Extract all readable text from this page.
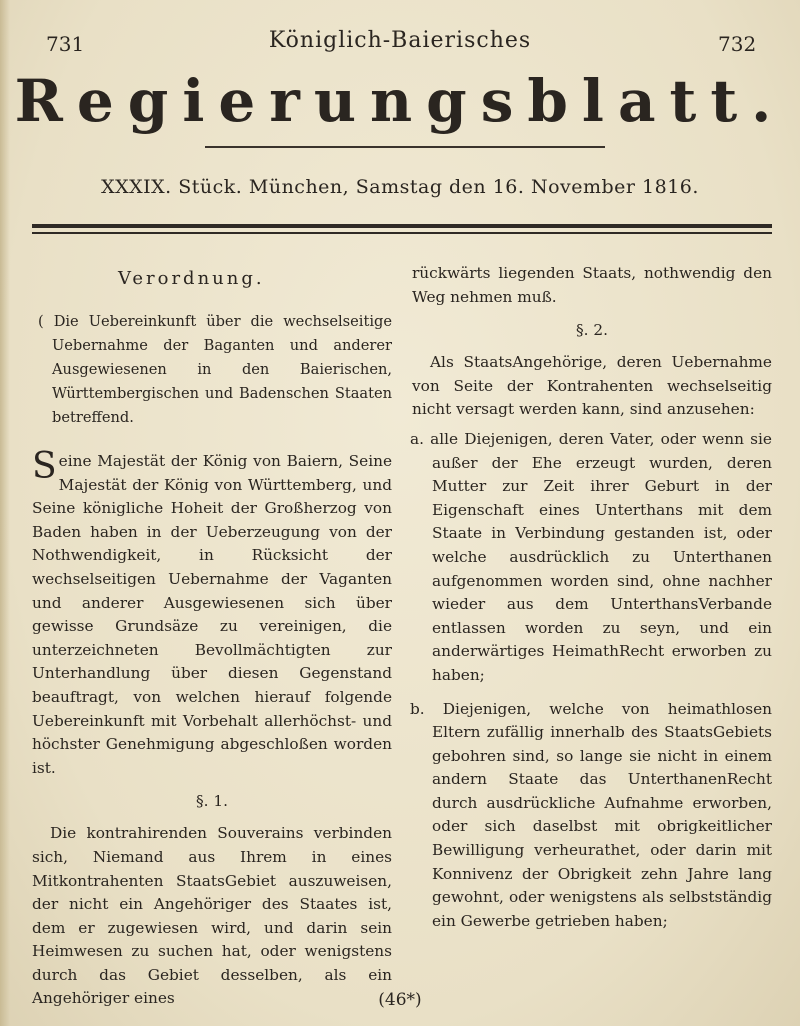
731	Königlich-Baierisches	732
Regierungsblatt.
XXXIX. Stück. München, Samstag den 16. November 1816.

Verordnung.

( Die Uebereinkunft über die wechselseitige Uebernahme der Baganten und anderer Ausgewiesenen in den Baierischen, Württembergischen und Badenschen Staaten betreffend.

Seine Majestät der König von Baiern, Seine Majestät der König von Württemberg, und Seine königliche Hoheit der Großherzog von Baden haben in der Ueberzeugung von der Nothwendigkeit, in Rücksicht der wechselseitigen Uebernahme der Vaganten und anderer Ausgewiesenen sich über gewisse Grundsäze zu vereinigen, die unterzeichneten Bevollmächtigten zur Unterhandlung über diesen Gegenstand beauftragt, von welchen hierauf folgende Uebereinkunft mit Vorbehalt allerhöchst- und höchster Genehmigung abgeschloßen worden ist.

§. 1.

Die kontrahirenden Souverains verbinden sich, Niemand aus Ihrem in eines Mitkontrahenten StaatsGebiet auszuweisen, der nicht ein Angehöriger des Staates ist, dem er zugewiesen wird, und darin sein Heimwesen zu suchen hat, oder wenigstens durch das Gebiet desselben, als ein Angehöriger eines

rückwärts liegenden Staats, nothwendig den Weg nehmen muß.

§. 2.

Als StaatsAngehörige, deren Uebernahme von Seite der Kontrahenten wechselseitig nicht versagt werden kann, sind anzusehen:

a. alle Diejenigen, deren Vater, oder wenn sie außer der Ehe erzeugt wurden, deren Mutter zur Zeit ihrer Geburt in der Eigenschaft eines Unterthans mit dem Staate in Verbindung gestanden ist, oder welche ausdrücklich zu Unterthanen aufgenommen worden sind, ohne nachher wieder aus dem UnterthansVerbande entlassen worden zu seyn, und ein anderwärtiges HeimathRecht erworben zu haben;

b. Diejenigen, welche von heimathlosen Eltern zufällig innerhalb des StaatsGebiets gebohren sind, so lange sie nicht in einem andern Staate das UnterthanenRecht durch ausdrückliche Aufnahme erworben, oder sich daselbst mit obrigkeitlicher Bewilligung verheurathet, oder darin mit Konnivenz der Obrigkeit zehn Jahre lang gewohnt, oder wenigstens als selbstständig ein Gewerbe getrieben haben;

(46*)
